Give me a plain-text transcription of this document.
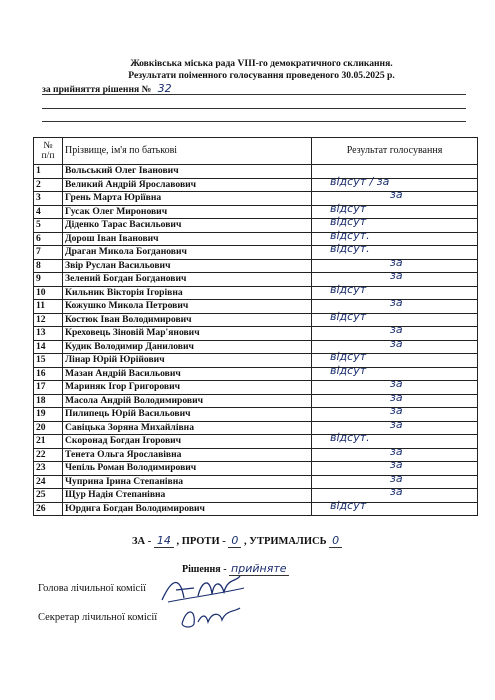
Жовківська міська рада VIII-го демократичного скликання.
Результати поіменного голосування проведеного 30.05.2025 р.
за прийняття рішення № 32
№
п/п	Прізвище, ім'я по батькові	Результат голосування
1	Вольський Олег Іванович	

2	Великий Андрій Ярославович	відсут / за

3	Грень Марта Юріївна	за

4	Гусак Олег Миронович	відсут

5	Діденко Тарас Васильович	відсут

6	Дорош Іван Іванович	відсут.

7	Драган Микола Богданович	відсут.

8	Звір Руслан Васильович	за

9	Зелений Богдан Богданович	за

10	Кильник Вікторія Ігорівна	відсут

11	Кожушко Микола Петрович	за

12	Костюк Іван Володимирович	відсут

13	Креховець Зіновій Мар'янович	за

14	Кудик Володимир Данилович	за

15	Лінар Юрій Юрійович	відсут

16	Мазан Андрій Васильович	відсут

17	Мариняк Ігор Григорович	за

18	Масола Андрій Володимирович	за

19	Пилипець Юрій Васильович	за

20	Савіцька Зоряна Михайлівна	за

21	Скоронад Богдан Ігорович	відсут.

22	Тенета Ольга Ярославівна	за

23	Чепіль Роман Володимирович	за

24	Чуприна Ірина Степанівна	за

25	Щур Надія Степанівна	за

26	Юрдига Богдан Володимирович	відсут
ЗА - 14 , ПРОТИ - 0 , УТРИМАЛИСЬ 0
Рішення - прийняте
Голова лічильної комісії
Секретар лічильної комісії
